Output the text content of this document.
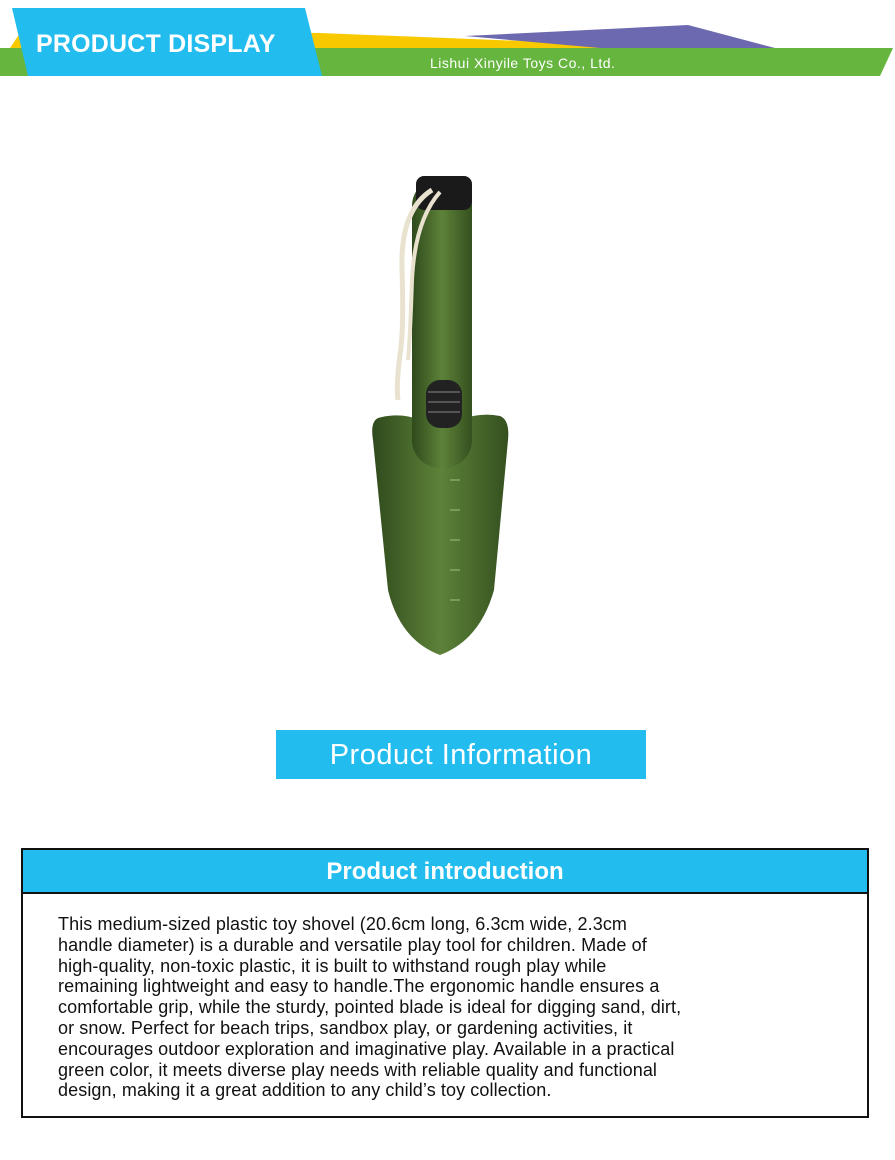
PRODUCT DISPLAY
Lishui Xinyile Toys Co., Ltd.
Product Information
Product introduction
This medium-sized plastic toy shovel (20.6cm long, 6.3cm wide, 2.3cm
handle diameter) is a durable and versatile play tool for children. Made of
high-quality, non-toxic plastic, it is built to withstand rough play while
remaining lightweight and easy to handle.The ergonomic handle ensures a
comfortable grip, while the sturdy, pointed blade is ideal for digging sand, dirt,
or snow. Perfect for beach trips, sandbox play, or gardening activities, it
encourages outdoor exploration and imaginative play. Available in a practical
green color, it meets diverse play needs with reliable quality and functional
design, making it a great addition to any child’s toy collection.
